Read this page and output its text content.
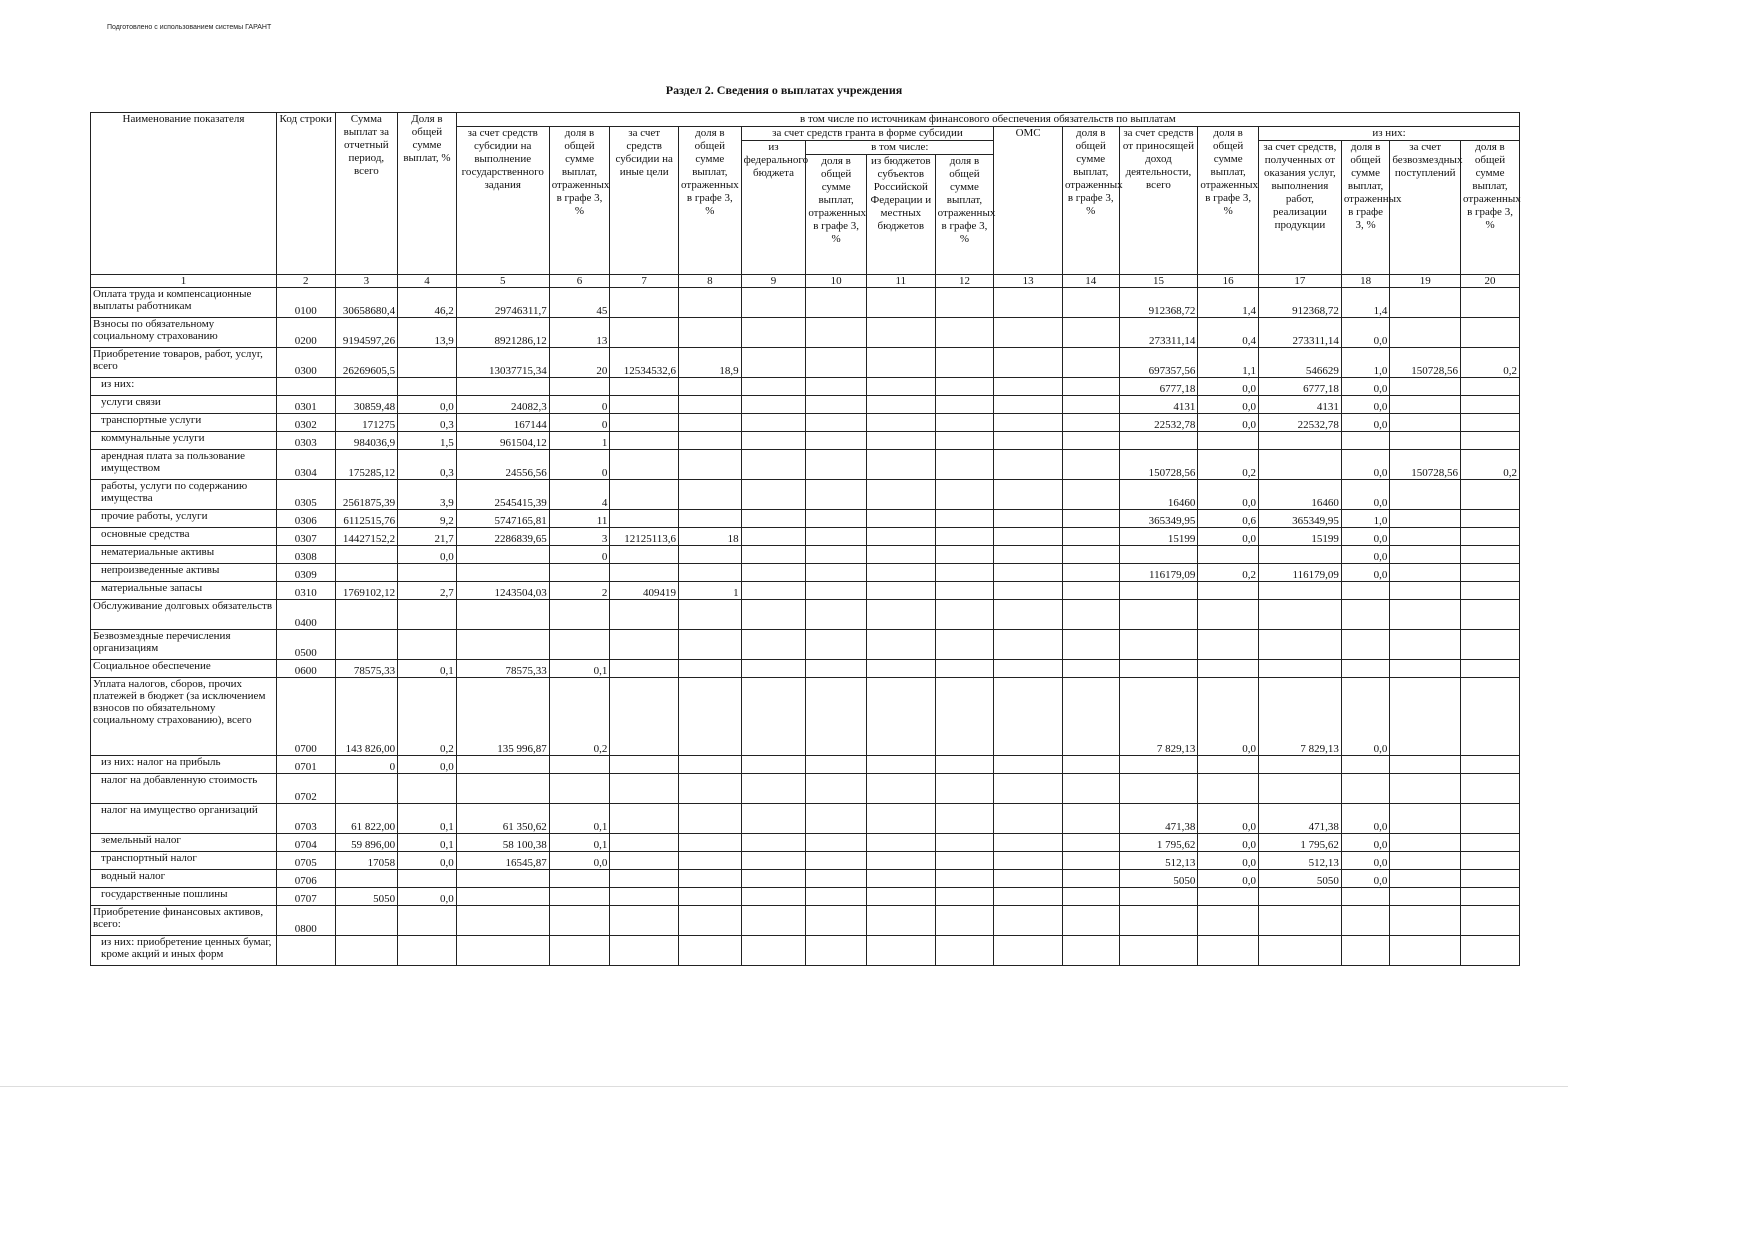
Подготовлено с использованием системы ГАРАНТ
Раздел 2. Сведения о выплатах учреждения
Наименование показателя	Код строки	Сумма выплат за отчетный период, всего	Доля в общей сумме выплат, %	в том числе по источникам финансового обеспечения обязательств по выплатам															
				за счет средств субсидии на выполнение государственного задания	доля в общей сумме выплат, отраженных в графе 3, %	за счет средств субсидии на иные цели	доля в общей сумме выплат, отраженных в графе 3, %	за счет средств гранта в форме субсидии				ОМС	доля в общей сумме выплат, отраженных в графе 3, %	за счет средств от приносящей доход деятельности, всего	доля в общей сумме выплат, отраженных в графе 3, %	из них:			
								из федерального бюджета	в том числе:							за счет средств, полученных от оказания услуг, выполнения работ, реализации продукции	доля в общей сумме выплат, отраженных в графе 3, %	за счет безвозмездных поступлений	доля в общей сумме выплат, отраженных в графе 3, %
									доля в общей сумме выплат, отраженных в графе 3, %	из бюджетов субъектов Российской Федерации и местных бюджетов	доля в общей сумме выплат, отраженных в графе 3, %								
1	2	3	4	5	6	7	8	9	10	11	12	13	14	15	16	17	18	19	20
Оплата труда и компенсационные выплаты работникам	0100	30658680,4	46,2	29746311,7	45									912368,72	1,4	912368,72	1,4		
Взносы по обязательному социальному страхованию	0200	9194597,26	13,9	8921286,12	13									273311,14	0,4	273311,14	0,0		
Приобретение товаров, работ, услуг, всего	0300	26269605,5		13037715,34	20	12534532,6	18,9							697357,56	1,1	546629	1,0	150728,56	0,2
из них:														6777,18	0,0	6777,18	0,0		
услуги связи	0301	30859,48	0,0	24082,3	0									4131	0,0	4131	0,0		
транспортные услуги	0302	171275	0,3	167144	0									22532,78	0,0	22532,78	0,0		
коммунальные услуги	0303	984036,9	1,5	961504,12	1														
арендная плата за пользование имуществом	0304	175285,12	0,3	24556,56	0									150728,56	0,2		0,0	150728,56	0,2
работы, услуги по содержанию имущества	0305	2561875,39	3,9	2545415,39	4									16460	0,0	16460	0,0		
прочие работы, услуги	0306	6112515,76	9,2	5747165,81	11									365349,95	0,6	365349,95	1,0		
основные средства	0307	14427152,2	21,7	2286839,65	3	12125113,6	18							15199	0,0	15199	0,0		
нематериальные активы	0308		0,0		0												0,0		
непроизведенные активы	0309													116179,09	0,2	116179,09	0,0		
материальные запасы	0310	1769102,12	2,7	1243504,03	2	409419	1												
Обслуживание долговых обязательств	0400																		
Безвозмездные перечисления организациям	0500																		
Социальное обеспечение	0600	78575,33	0,1	78575,33	0,1														
Уплата налогов, сборов, прочих платежей в бюджет (за исключением взносов по обязательному социальному страхованию), всего	0700	143 826,00	0,2	135 996,87	0,2									7 829,13	0,0	7 829,13	0,0		
из них: налог на прибыль	0701	0	0,0																
налог на добавленную стоимость	0702																		
налог на имущество организаций	0703	61 822,00	0,1	61 350,62	0,1									471,38	0,0	471,38	0,0		
земельный налог	0704	59 896,00	0,1	58 100,38	0,1									1 795,62	0,0	1 795,62	0,0		
транспортный налог	0705	17058	0,0	16545,87	0,0									512,13	0,0	512,13	0,0		
водный налог	0706													5050	0,0	5050	0,0		
государственные пошлины	0707	5050	0,0																
Приобретение финансовых активов, всего:	0800																		
из них: приобретение ценных бумаг, кроме акций и иных форм																			
